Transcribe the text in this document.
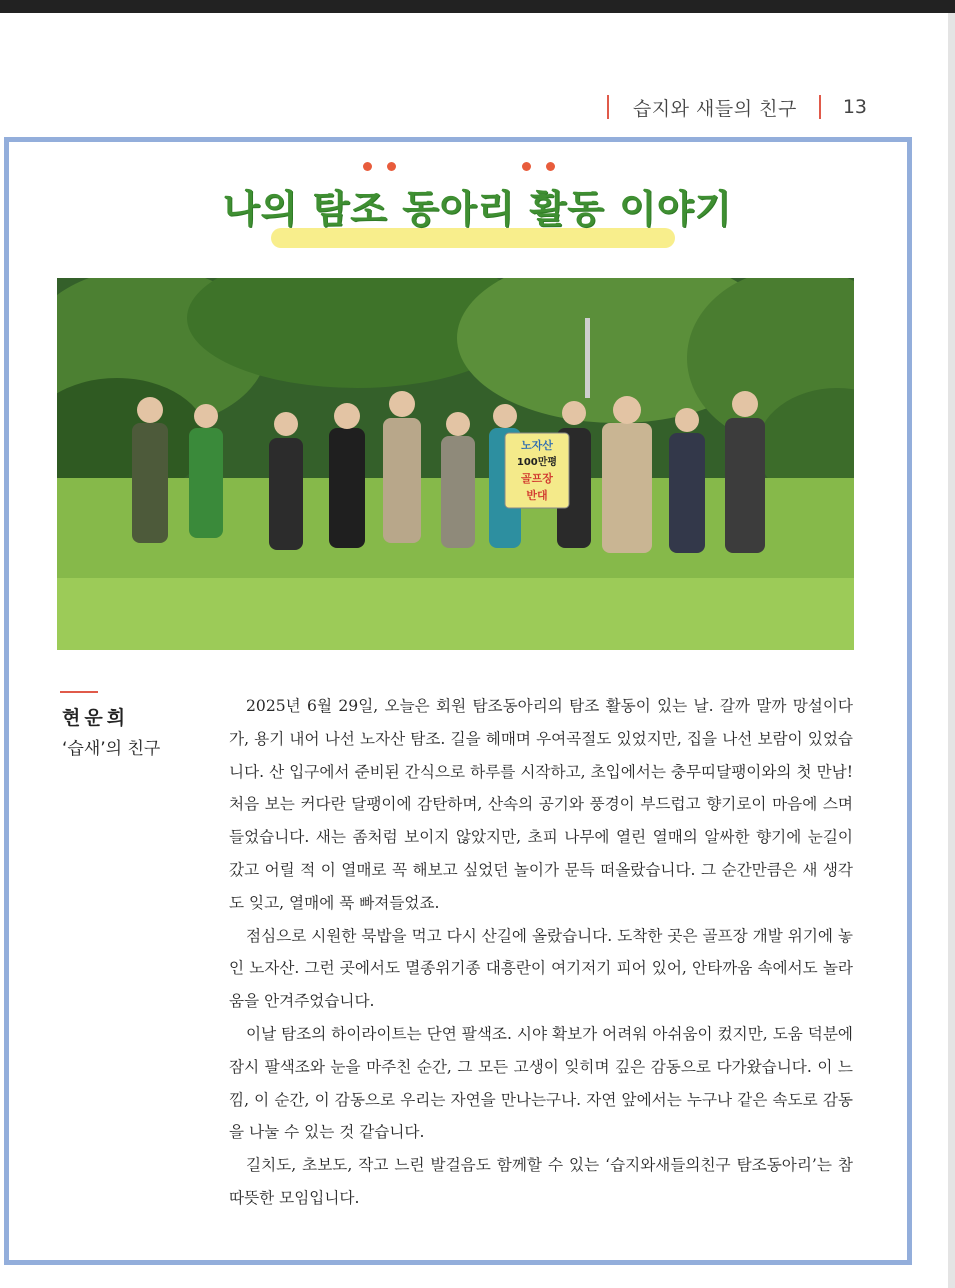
습지와 새들의 친구 13
나의 탐조 동아리 활동 이야기
노자산
100만평
골프장
반대
현운희
‘습새’의 친구

2025년 6월 29일, 오늘은 회원 탐조동아리의 탐조 활동이 있는 날. 갈까 말까 망설이다가, 용기 내어 나선 노자산 탐조. 길을 헤매며 우여곡절도 있었지만, 집을 나선 보람이 있었습니다. 산 입구에서 준비된 간식으로 하루를 시작하고, 초입에서는 충무띠달팽이와의 첫 만남! 처음 보는 커다란 달팽이에 감탄하며, 산속의 공기와 풍경이 부드럽고 향기로이 마음에 스며들었습니다. 새는 좀처럼 보이지 않았지만, 초피 나무에 열린 열매의 알싸한 향기에 눈길이 갔고 어릴 적 이 열매로 꼭 해보고 싶었던 놀이가 문득 떠올랐습니다. 그 순간만큼은 새 생각도 잊고, 열매에 푹 빠져들었죠.

점심으로 시원한 묵밥을 먹고 다시 산길에 올랐습니다. 도착한 곳은 골프장 개발 위기에 놓인 노자산. 그런 곳에서도 멸종위기종 대흥란이 여기저기 피어 있어, 안타까움 속에서도 놀라움을 안겨주었습니다.

이날 탐조의 하이라이트는 단연 팔색조. 시야 확보가 어려워 아쉬움이 컸지만, 도움 덕분에 잠시 팔색조와 눈을 마주친 순간, 그 모든 고생이 잊히며 깊은 감동으로 다가왔습니다. 이 느낌, 이 순간, 이 감동으로 우리는 자연을 만나는구나. 자연 앞에서는 누구나 같은 속도로 감동을 나눌 수 있는 것 같습니다.

길치도, 초보도, 작고 느린 발걸음도 함께할 수 있는 ‘습지와새들의친구 탐조동아리’는 참 따뜻한 모임입니다.
